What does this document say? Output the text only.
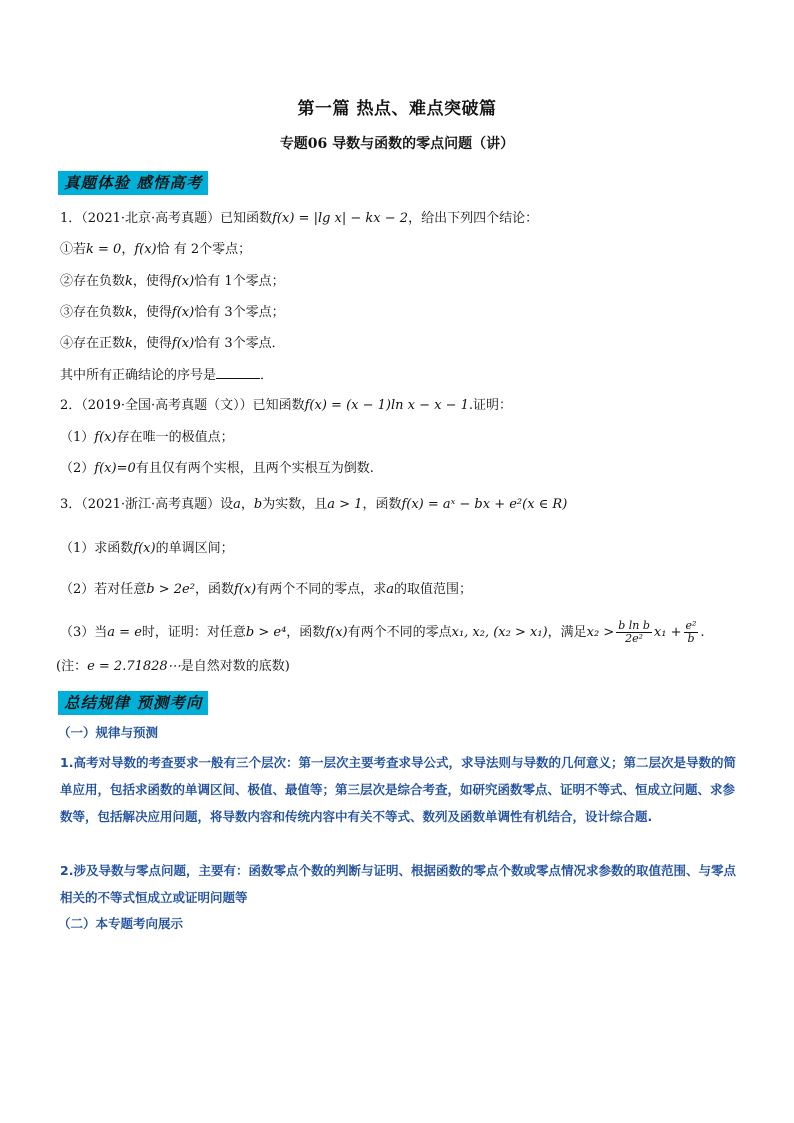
第一篇 热点、难点突破篇
专题06 导数与函数的零点问题（讲）
真题体验 感悟高考
1．（2021·北京·高考真题）已知函数f(x) = |lg x| − kx − 2，给出下列四个结论：
①若k = 0，f(x)恰 有 2个零点；
②存在负数k，使得f(x)恰有 1个零点；
③存在负数k，使得f(x)恰有 3个零点；
④存在正数k，使得f(x)恰有 3个零点．
其中所有正确结论的序号是	．
2．（2019·全国·高考真题（文））已知函数f(x) = (x − 1)ln x − x − 1.证明：
（1）f(x)存在唯一的极值点；
（2）f(x)=0有且仅有两个实根，且两个实根互为倒数.
3．（2021·浙江·高考真题）设a，b为实数，且a > 1，函数f(x) = aˣ − bx + e²(x ∈ R)
（1）求函数f(x)的单调区间；
（2）若对任意b > 2e²，函数f(x)有两个不同的零点，求a的取值范围；
（3）当a = e时，证明：对任意b > e⁴，函数f(x)有两个不同的零点x₁, x₂, (x₂ > x₁)，满足$x_2 > \frac{\text{b ln b}}{\text{2e²}} x_1 + \frac{\text{e²}}{b}$ .
(注：e = 2.71828⋯是自然对数的底数)
总结规律 预测考向
（一）规律与预测
1.高考对导数的考查要求一般有三个层次：第一层次主要考查求导公式，求导法则与导数的几何意义；第二层次是导数的简单应用，包括求函数的单调区间、极值、最值等；第三层次是综合考查，如研究函数零点、证明不等式、恒成立问题、求参数等，包括解决应用问题，将导数内容和传统内容中有关不等式、数列及函数单调性有机结合，设计综合题.
2.涉及导数与零点问题，主要有：函数零点个数的判断与证明、根据函数的零点个数或零点情况求参数的取值范围、与零点相关的不等式恒成立或证明问题等
（二）本专题考向展示
